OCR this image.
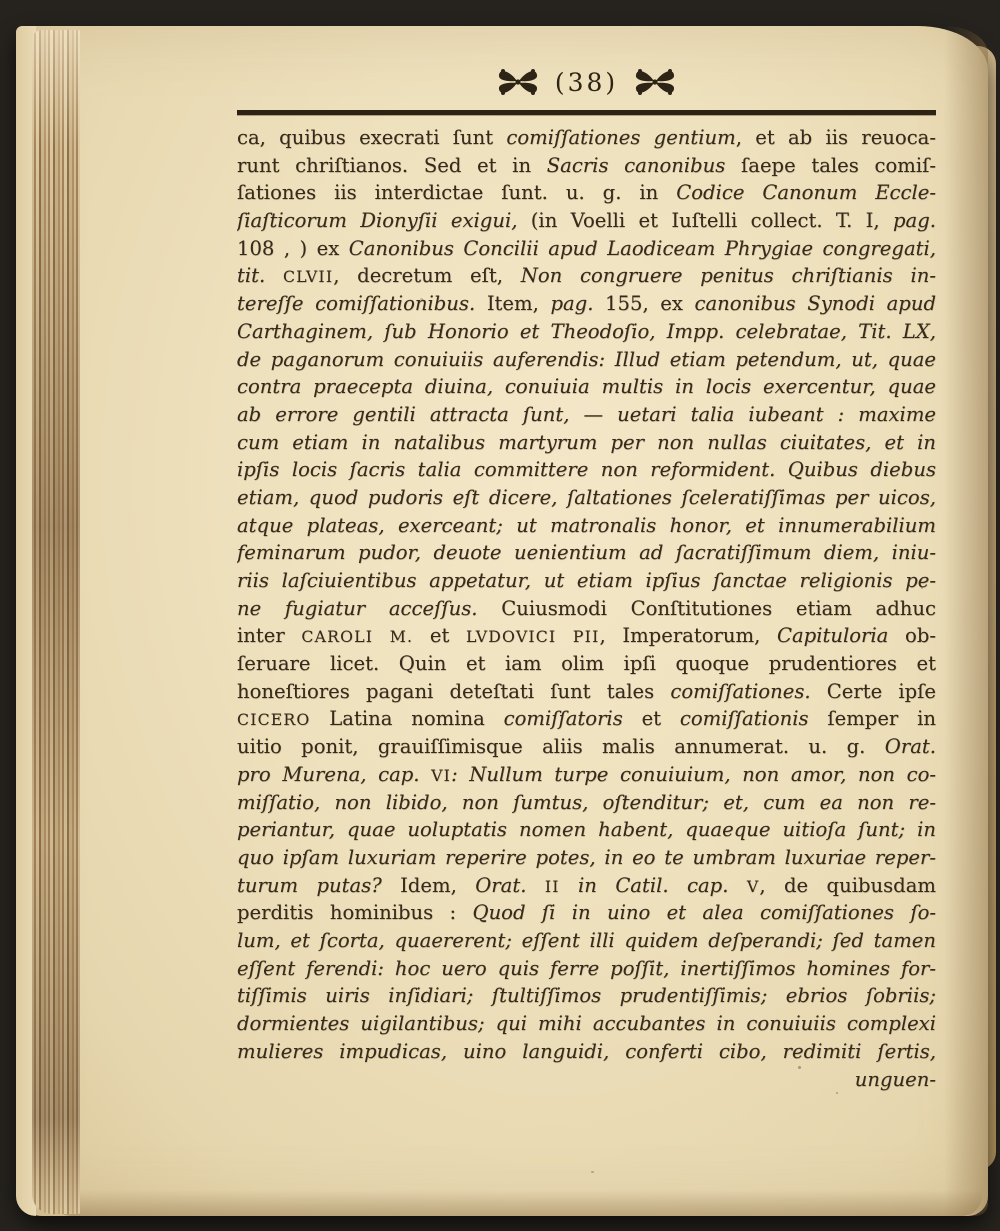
(38)
ca, quibus execrati ſunt comiſſationes gentium, et ab iis reuoca-
runt chriſtianos. Sed et in Sacris canonibus ſaepe tales comiſ-
ſationes iis interdictae ſunt. u. g. in Codice Canonum Eccle-
ſiaſticorum Dionyſii exigui, (in Voelli et Iuſtelli collect. T. I, pag.
108 , ) ex Canonibus Concilii apud Laodiceam Phrygiae congregati,
tit. CLVII, decretum eſt, Non congruere penitus chriſtianis in-
tereſſe comiſſationibus. Item, pag. 155, ex canonibus Synodi apud
Carthaginem, ſub Honorio et Theodoſio, Impp. celebratae, Tit. LX,
de paganorum conuiuiis auferendis: Illud etiam petendum, ut, quae
contra praecepta diuina, conuiuia multis in locis exercentur, quae
ab errore gentili attracta ſunt, — uetari talia iubeant : maxime
cum etiam in natalibus martyrum per non nullas ciuitates, et in
ipſis locis ſacris talia committere non reformident. Quibus diebus
etiam, quod pudoris eſt dicere, ſaltationes ſceleratiſſimas per uicos,
atque plateas, exerceant; ut matronalis honor, et innumerabilium
feminarum pudor, deuote uenientium ad ſacratiſſimum diem, iniu-
riis laſciuientibus appetatur, ut etiam ipſius ſanctae religionis pe-
ne fugiatur acceſſus. Cuiusmodi Conſtitutiones etiam adhuc
inter CAROLI M. et LVDOVICI PII, Imperatorum, Capituloria ob-
ſeruare licet. Quin et iam olim ipſi quoque prudentiores et
honeſtiores pagani deteſtati ſunt tales comiſſationes. Certe ipſe
CICERO Latina nomina comiſſatoris et comiſſationis ſemper in
uitio ponit, grauiſſimisque aliis malis annumerat. u. g. Orat.
pro Murena, cap. VI: Nullum turpe conuiuium, non amor, non co-
miſſatio, non libido, non ſumtus, oſtenditur; et, cum ea non re-
periantur, quae uoluptatis nomen habent, quaeque uitioſa ſunt; in
quo ipſam luxuriam reperire potes, in eo te umbram luxuriae reper-
turum putas? Idem, Orat. II in Catil. cap. V, de quibusdam
perditis hominibus : Quod ſi in uino et alea comiſſationes ſo-
lum, et ſcorta, quaererent; eſſent illi quidem deſperandi; ſed tamen
eſſent ferendi: hoc uero quis ferre poſſit, inertiſſimos homines for-
tiſſimis uiris inſidiari; ſtultiſſimos prudentiſſimis; ebrios ſobriis;
dormientes uigilantibus; qui mihi accubantes in conuiuiis complexi
mulieres impudicas, uino languidi, conferti cibo, redimiti ſertis,
unguen-
